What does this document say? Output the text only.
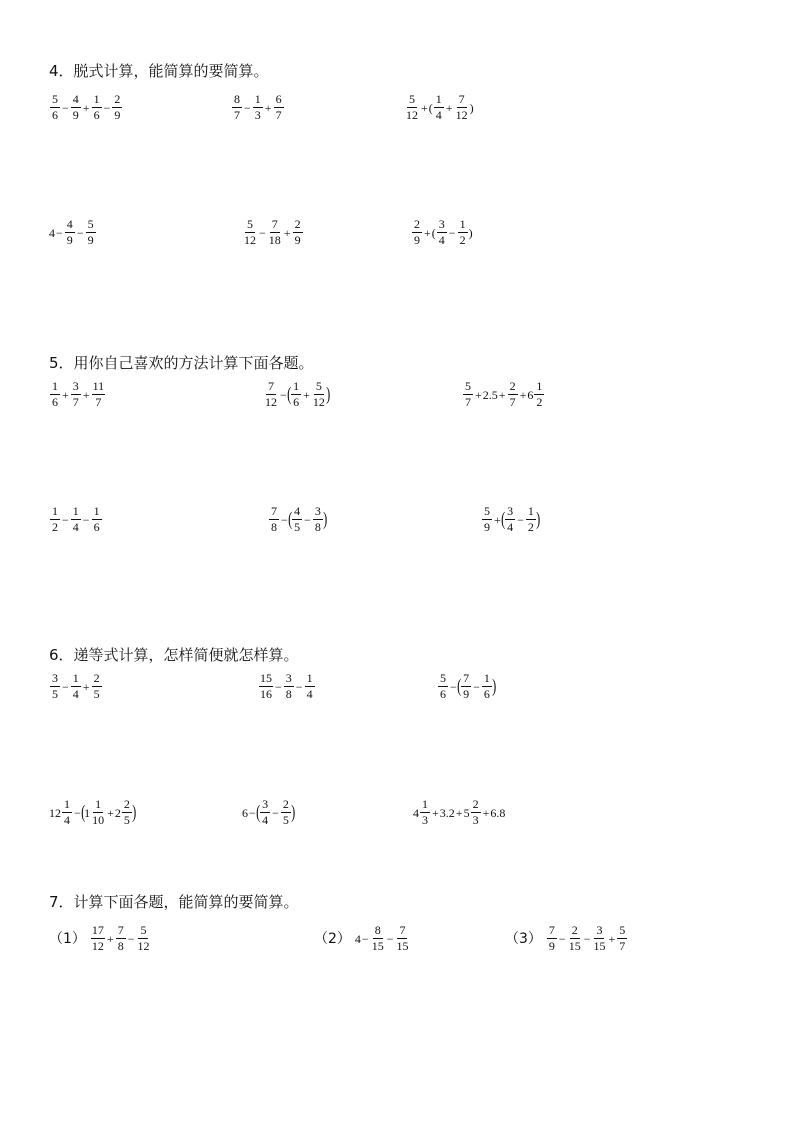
4．脱式计算，能简算的要简算。
5．用你自己喜欢的方法计算下面各题。
6．递等式计算，怎样简便就怎样算。
7．计算下面各题，能简算的要简算。
$\frac{5}{6} - \frac{4}{9} + \frac{1}{6} - \frac{2}{9}$	$\frac{8}{7} - \frac{1}{3} + \frac{6}{7}$	$\frac{5}{12}$ +( $\frac{1}{4} + \frac{7}{12}$ )
$4- \frac{4}{9} - \frac{5}{9}$	$\frac{5}{12} - \frac{7}{18} + \frac{2}{9}$	$\frac{2}{9}$ +( $\frac{3}{4} - \frac{1}{2}$ )
$\frac{1}{6} + \frac{3}{7} + \frac{11}{7}$	$\frac{7}{12}$ −( $\frac{1}{6} + \frac{5}{12}$ )	$\frac{5}{7} +2.5+ \frac{2}{7} +6 \frac{1}{2}$
$\frac{1}{2} - \frac{1}{4} - \frac{1}{6}$	$\frac{7}{8}$ −( $\frac{4}{5} - \frac{3}{8}$ )	$\frac{5}{9}$ +( $\frac{3}{4} - \frac{1}{2}$ )
$\frac{3}{5} - \frac{1}{4} + \frac{2}{5}$	$\frac{15}{16} - \frac{3}{8} - \frac{1}{4}$	$\frac{5}{6}$ −( $\frac{7}{9} - \frac{1}{6}$ )
$12 \frac{1}{4} -(1 \frac{1}{10} +2 \frac{2}{5}$ )	$6-( \frac{3}{4} - \frac{2}{5}$ )	$4 \frac{1}{3} +3.2+5 \frac{2}{3} +6.8$
$(1) \frac{17}{12} + \frac{7}{8} - \frac{5}{12}$	（2） $4- \frac{8}{15} - \frac{7}{15}$	$(3) \frac{7}{9} - \frac{2}{15} - \frac{3}{15} + \frac{5}{7}$
